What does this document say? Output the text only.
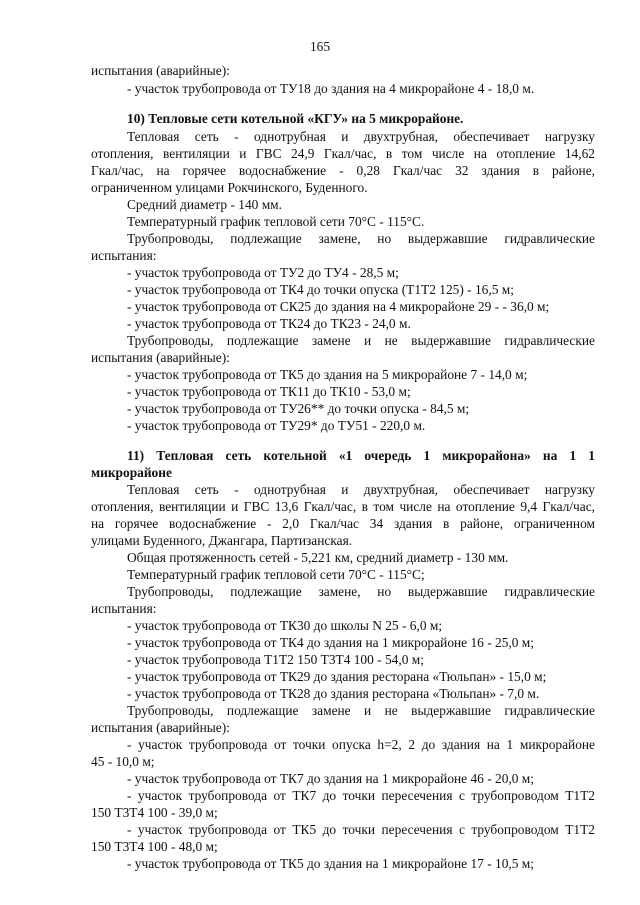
165
испытания (аварийные):
- участок трубопровода от ТУ18 до здания на 4 микрорайоне 4 - 18,0 м.
10) Тепловые сети котельной «КГУ» на 5 микрорайоне.
Тепловая сеть - однотрубная и двухтрубная, обеспечивает нагрузку
отопления, вентиляции и ГВС 24,9 Гкал/час, в том числе на отопление 14,62
Гкал/час, на горячее водоснабжение - 0,28 Гкал/час 32 здания в районе,
ограниченном улицами Рокчинского, Буденного.
Средний диаметр - 140 мм.
Температурный график тепловой сети 70°С - 115°С.
Трубопроводы, подлежащие замене, но выдержавшие гидравлические
испытания:
- участок трубопровода от ТУ2 до ТУ4 - 28,5 м;
- участок трубопровода от ТК4 до точки опуска (Т1Т2 125) - 16,5 м;
- участок трубопровода от СК25 до здания на 4 микрорайоне 29 - - 36,0 м;
- участок трубопровода от ТК24 до ТК23 - 24,0 м.
Трубопроводы, подлежащие замене и не выдержавшие гидравлические
испытания (аварийные):
- участок трубопровода от ТК5 до здания на 5 микрорайоне 7 - 14,0 м;
- участок трубопровода от ТК11 до ТК10 - 53,0 м;
- участок трубопровода от ТУ26** до точки опуска - 84,5 м;
- участок трубопровода от ТУ29* до ТУ51 - 220,0 м.
11) Тепловая сеть котельной «1 очередь 1 микрорайона» на 1 1
микрорайоне
Тепловая сеть - однотрубная и двухтрубная, обеспечивает нагрузку
отопления, вентиляции и ГВС 13,6 Гкал/час, в том числе на отопление 9,4 Гкал/час,
на горячее водоснабжение - 2,0 Гкал/час 34 здания в районе, ограниченном
улицами Буденного, Джангара, Партизанская.
Общая протяженность сетей - 5,221 км, средний диаметр - 130 мм.
Температурный график тепловой сети 70°С - 115°С;
Трубопроводы, подлежащие замене, но выдержавшие гидравлические
испытания:
- участок трубопровода от ТК30 до школы N 25 - 6,0 м;
- участок трубопровода от ТК4 до здания на 1 микрорайоне 16 - 25,0 м;
- участок трубопровода Т1Т2 150 Т3Т4 100 - 54,0 м;
- участок трубопровода от ТК29 до здания ресторана «Тюльпан» - 15,0 м;
- участок трубопровода от ТК28 до здания ресторана «Тюльпан» - 7,0 м.
Трубопроводы, подлежащие замене и не выдержавшие гидравлические
испытания (аварийные):
- участок трубопровода от точки опуска h=2, 2 до здания на 1 микрорайоне
45 - 10,0 м;
- участок трубопровода от ТК7 до здания на 1 микрорайоне 46 - 20,0 м;
- участок трубопровода от ТК7 до точки пересечения с трубопроводом Т1Т2
150 Т3Т4 100 - 39,0 м;
- участок трубопровода от ТК5 до точки пересечения с трубопроводом Т1Т2
150 Т3Т4 100 - 48,0 м;
- участок трубопровода от ТК5 до здания на 1 микрорайоне 17 - 10,5 м;
